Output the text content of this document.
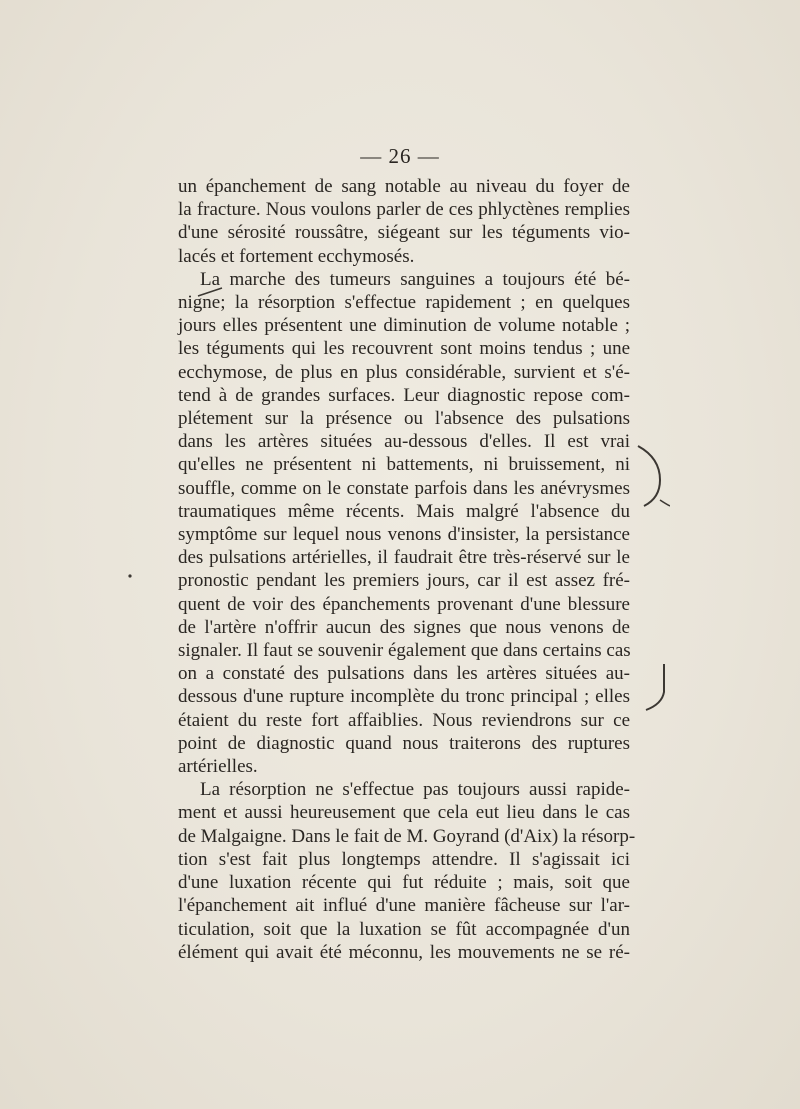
— 26 —
un épanchement de sang notable au niveau du foyer de
la fracture. Nous voulons parler de ces phlyctènes remplies
d'une sérosité roussâtre, siégeant sur les téguments vio-
lacés et fortement ecchymosés.
La marche des tumeurs sanguines a toujours été bé-
nigne; la résorption s'effectue rapidement ; en quelques
jours elles présentent une diminution de volume notable ;
les téguments qui les recouvrent sont moins tendus ; une
ecchymose, de plus en plus considérable, survient et s'é-
tend à de grandes surfaces. Leur diagnostic repose com-
plétement sur la présence ou l'absence des pulsations
dans les artères situées au-dessous d'elles. Il est vrai
qu'elles ne présentent ni battements, ni bruissement, ni
souffle, comme on le constate parfois dans les anévrysmes
traumatiques même récents. Mais malgré l'absence du
symptôme sur lequel nous venons d'insister, la persistance
des pulsations artérielles, il faudrait être très-réservé sur le
pronostic pendant les premiers jours, car il est assez fré-
quent de voir des épanchements provenant d'une blessure
de l'artère n'offrir aucun des signes que nous venons de
signaler. Il faut se souvenir également que dans certains cas
on a constaté des pulsations dans les artères situées au-
dessous d'une rupture incomplète du tronc principal ; elles
étaient du reste fort affaiblies. Nous reviendrons sur ce
point de diagnostic quand nous traiterons des ruptures
artérielles.
La résorption ne s'effectue pas toujours aussi rapide-
ment et aussi heureusement que cela eut lieu dans le cas
de Malgaigne. Dans le fait de M. Goyrand (d'Aix) la résorp-
tion s'est fait plus longtemps attendre. Il s'agissait ici
d'une luxation récente qui fut réduite ; mais, soit que
l'épanchement ait influé d'une manière fâcheuse sur l'ar-
ticulation, soit que la luxation se fût accompagnée d'un
élément qui avait été méconnu, les mouvements ne se ré-
